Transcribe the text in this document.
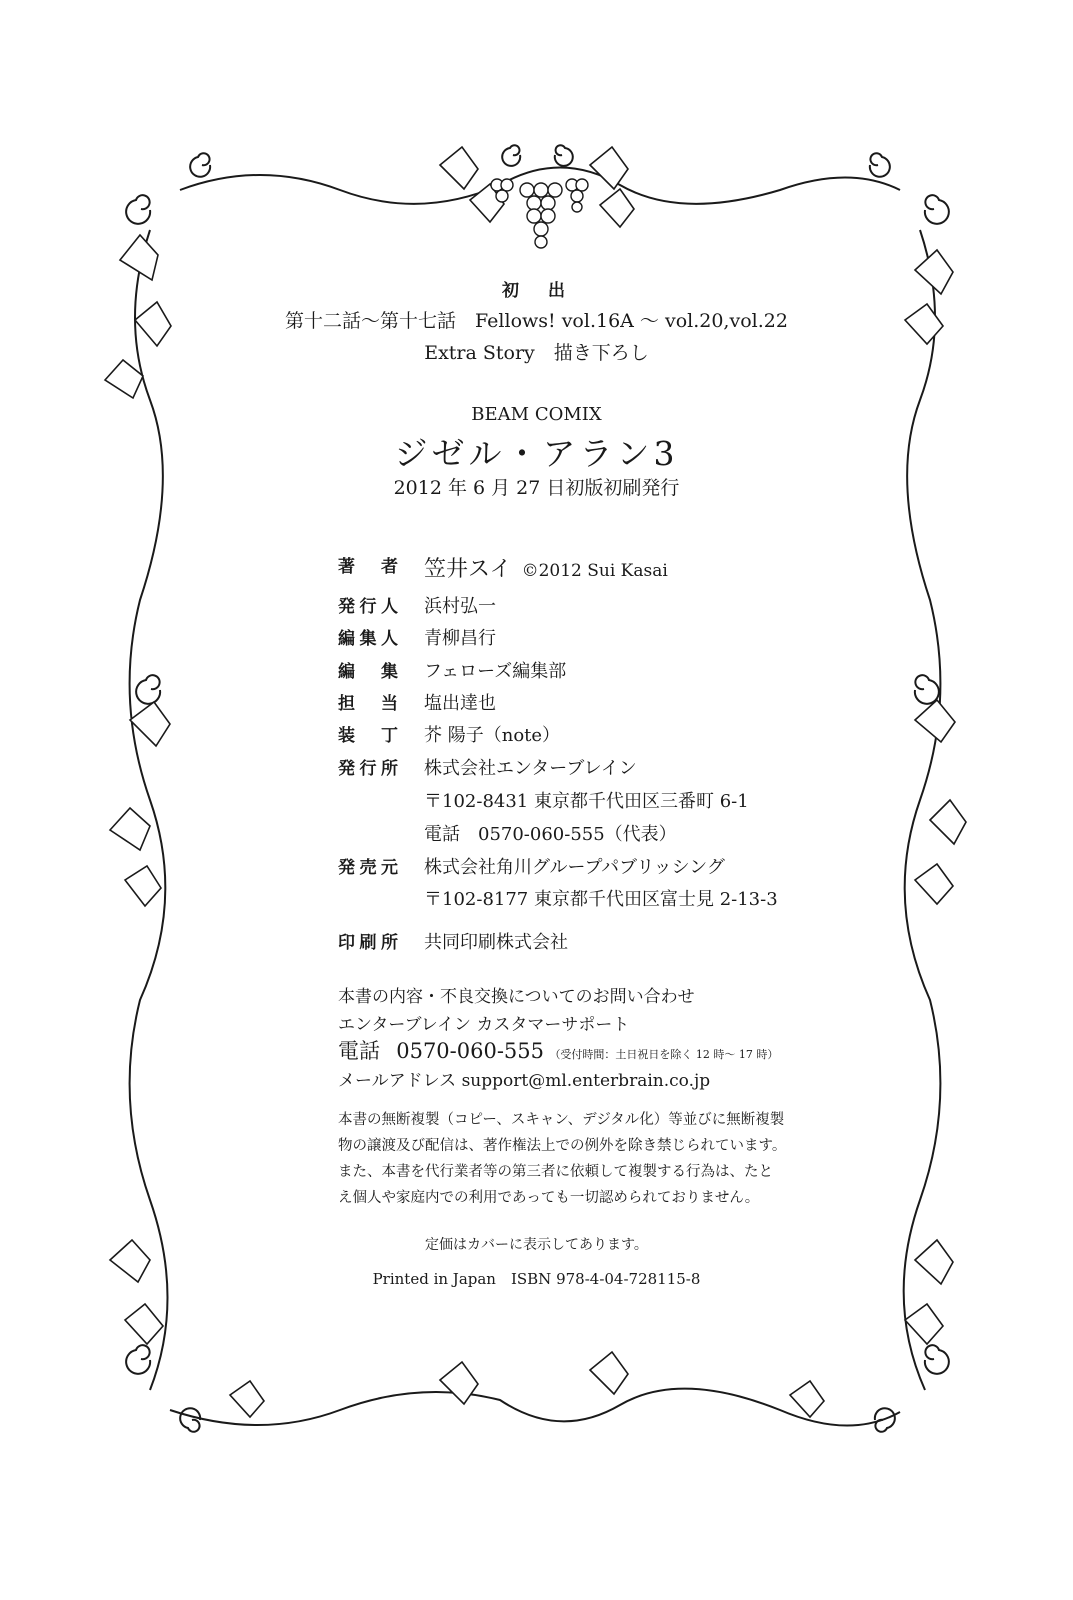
初　出
第十二話〜第十七話　Fellows! vol.16A 〜 vol.20,vol.22
Extra Story　描き下ろし
BEAM COMIX
ジゼル・アラン3
2012 年 6 月 27 日初版初刷発行
著　者 笠井スイ ©2012 Sui Kasai
発行人 浜村弘一
編集人 青柳昌行
編　集 フェローズ編集部
担　当 塩出達也
装　丁 芥 陽子（note）
発行所 株式会社エンターブレイン
〒102-8431 東京都千代田区三番町 6-1
電話　0570-060-555（代表）
発売元 株式会社角川グループパブリッシング
〒102-8177 東京都千代田区富士見 2-13-3
印刷所 共同印刷株式会社
本書の内容・不良交換についてのお問い合わせ
エンターブレイン カスタマーサポート
電話 0570-060-555 （受付時間：土日祝日を除く 12 時〜 17 時）
メールアドレス support@ml.enterbrain.co.jp

本書の無断複製（コピー、スキャン、デジタル化）等並びに無断複製

物の譲渡及び配信は、著作権法上での例外を除き禁じられています。

また、本書を代行業者等の第三者に依頼して複製する行為は、たと

え個人や家庭内での利用であっても一切認められておりません。

定価はカバーに表示してあります。
Printed in Japan　ISBN 978-4-04-728115-8
